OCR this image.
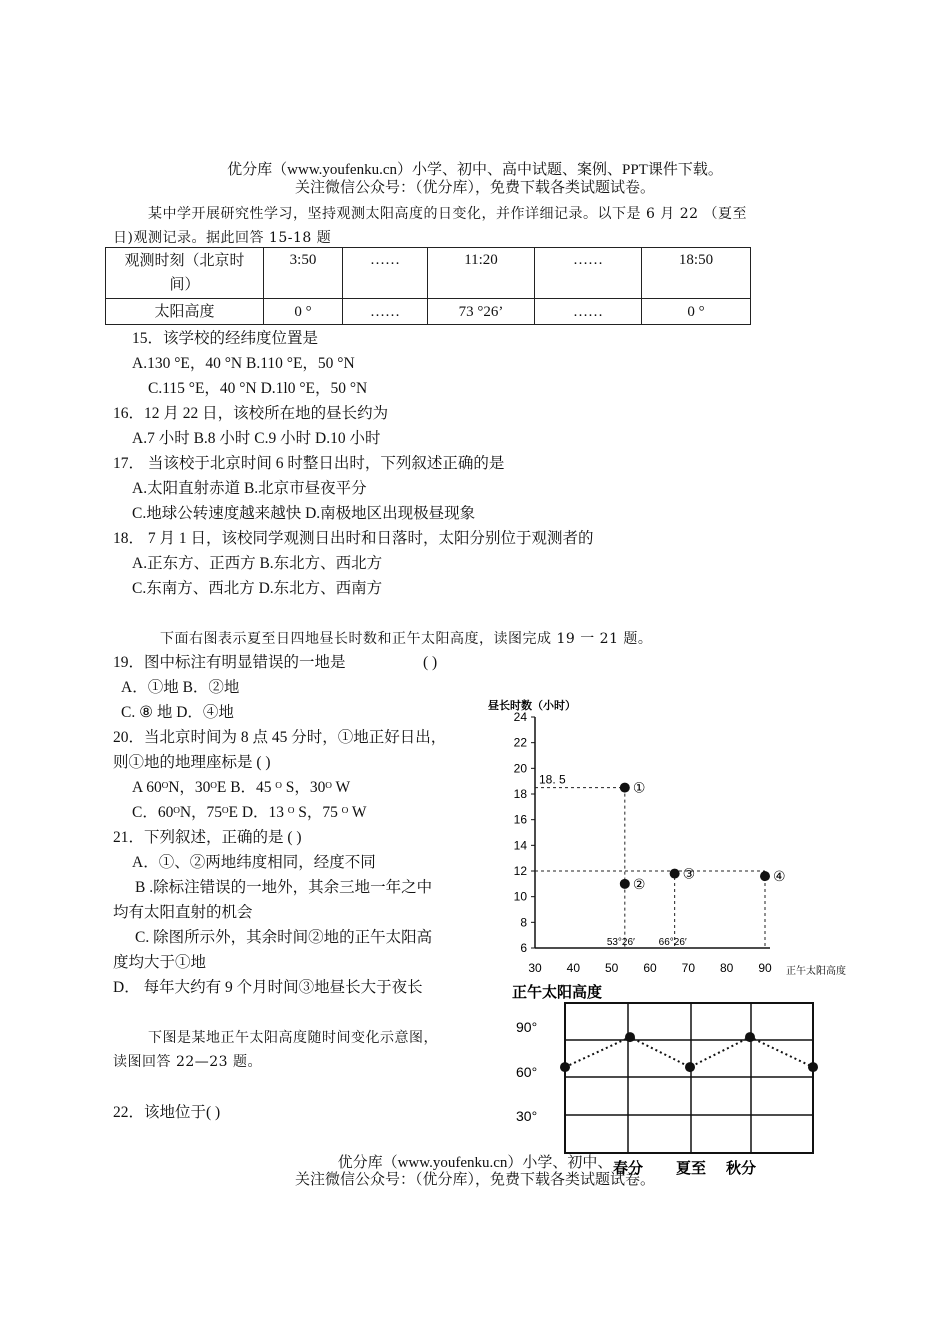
优分库（www.youfenku.cn）小学、初中、高中试题、案例、PPT课件下载。
关注微信公众号：（优分库），免费下载各类试题试卷。
某中学开展研究性学习，坚持观测太阳高度的日变化，并作详细记录。以下是 6 月 22 （夏至
日)观测记录。据此回答 15-18 题
观测时刻（北京时
间）	3:50	……	11:20	……	18:50
太阳高度	0 °	……	73 °26’	……	0 °
15．该学校的经纬度位置是
A.130 °E，40 °N B.110 °E，50 °N
C.115 °E，40 °N D.1l0 °E，50 °N
16．12 月 22 日，该校所在地的昼长约为
A.7 小时 B.8 小时 C.9 小时 D.10 小时
17． 当该校于北京时间 6 时整日出时，下列叙述正确的是
A.太阳直射赤道 B.北京市昼夜平分
C.地球公转速度越来越快 D.南极地区出现极昼现象
18． 7 月 1 日，该校同学观测日出时和日落时，太阳分别位于观测者的
A.正东方、正西方 B.东北方、西北方
C.东南方、西北方 D.东北方、西南方
下面右图表示夏至日四地昼长时数和正午太阳高度，读图完成 19 一 21 题。
19．图中标注有明显错误的一地是	( )
A．①地 B．②地
C. ⑧ 地 D．④地
20．当北京时间为 8 点 45 分时，①地正好日出，
则①地的地理座标是 ( )
A 60ᴼN，30ᴼE B．45 ᴼ S，30ᴼ W
C．60ᴼN，75ᴼE D．13 ᴼ S，75 ᴼ W
21．下列叙述，正确的是 ( )
A．①、②两地纬度相同，经度不同
B .除标注错误的一地外，其余三地一年之中
均有太阳直射的机会
C. 除图所示外，其余时间②地的正午太阳高
度均大于①地
D． 每年大约有 9 个月时间③地昼长大于夜长
下图是某地正午太阳高度随时间变化示意图，
读图回答 22—23 题。
22．该地位于( )
昼长时数（小时）
正午太阳高度
6
8
10
12
14
16
18
20
22
24
30 40 50 60 70 80 90
18. 5
53°26′ 66°26′
①
②
③	④
正午太阳高度
90°
60°
30°
春分 夏至 秋分
优分库（www.youfenku.cn）小学、初中、
关注微信公众号：（优分库），免费下载各类试题试卷。
